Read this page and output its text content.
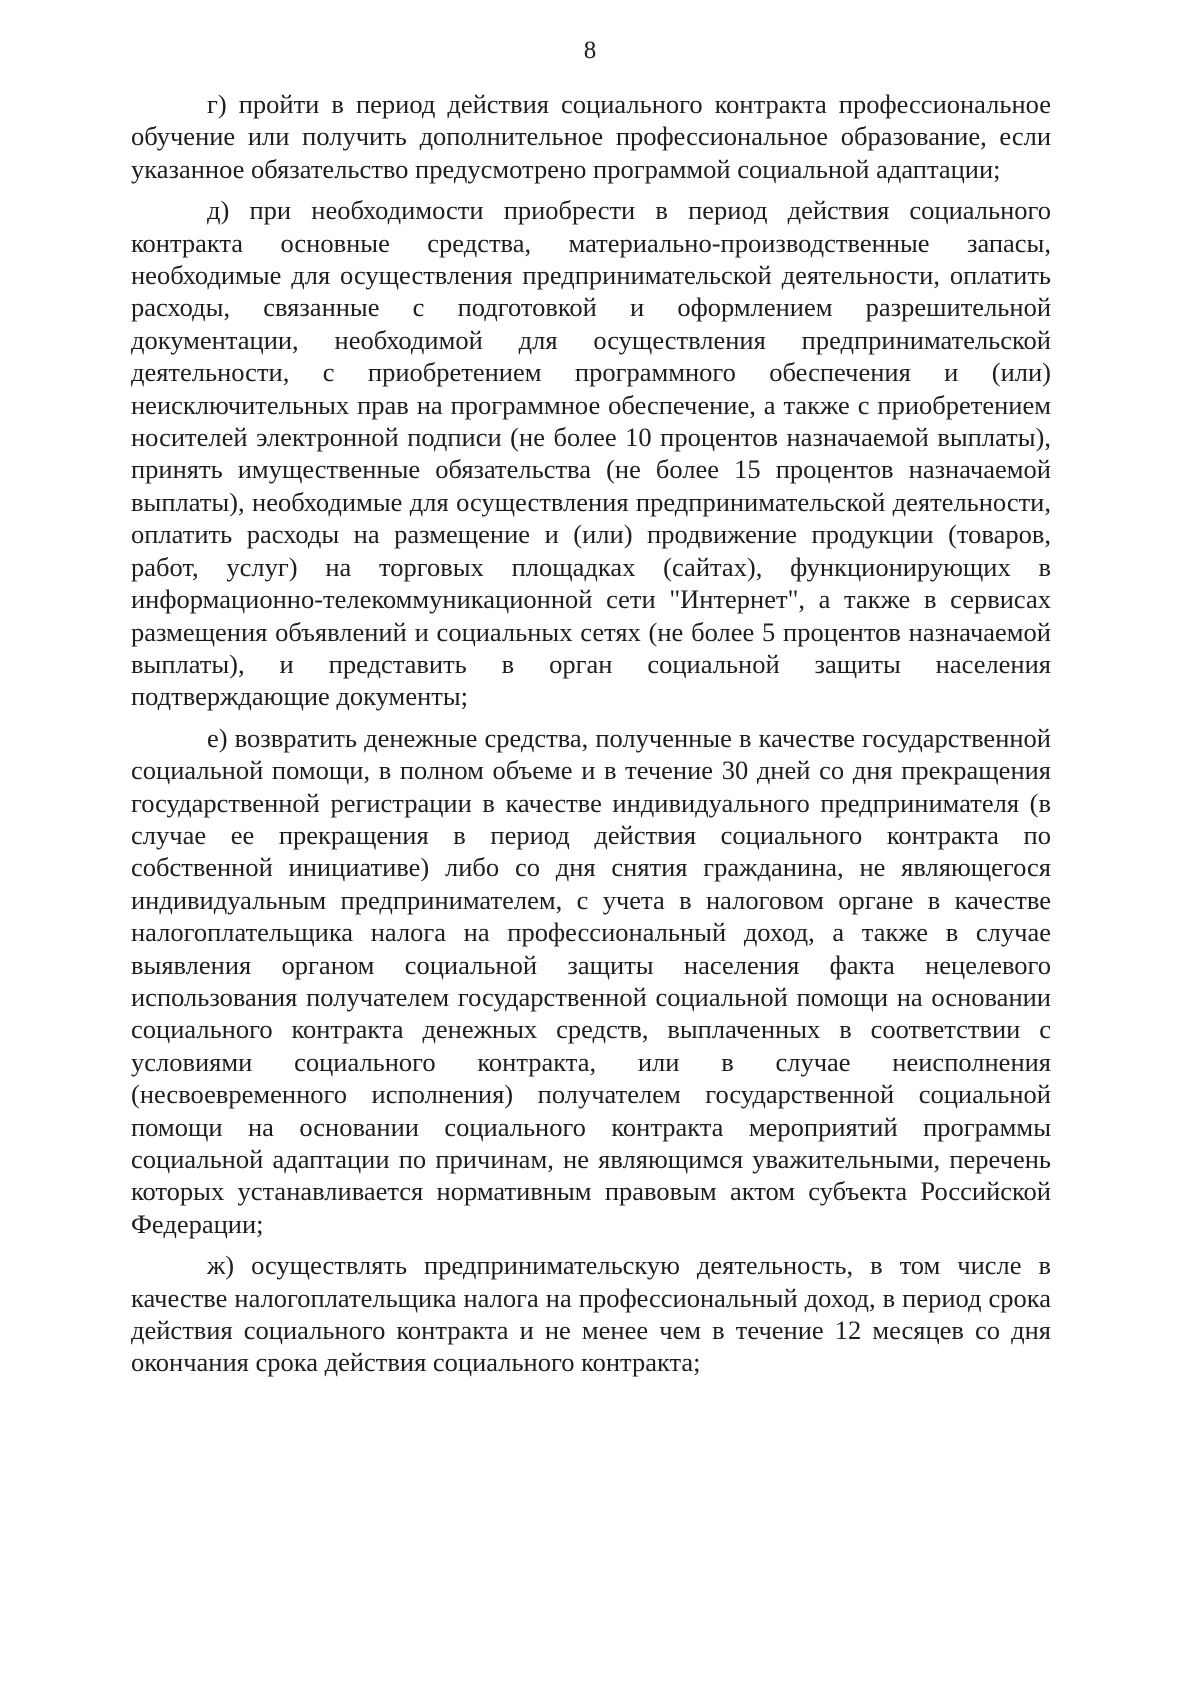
8

г) пройти в период действия социального контракта профессиональное обучение или получить дополнительное профессиональное образование, если указанное обязательство предусмотрено программой социальной адаптации;

д) при необходимости приобрести в период действия социального контракта основные средства, материально-производственные запасы, необходимые для осуществления предпринимательской деятельности, оплатить расходы, связанные с подготовкой и оформлением разрешительной документации, необходимой для осуществления предпринимательской деятельности, с приобретением программного обеспечения и (или) неисключительных прав на программное обеспечение, а также с приобретением носителей электронной подписи (не более 10 процентов назначаемой выплаты), принять имущественные обязательства (не более 15 процентов назначаемой выплаты), необходимые для осуществления предпринимательской деятельности, оплатить расходы на размещение и (или) продвижение продукции (товаров, работ, услуг) на торговых площадках (сайтах), функционирующих в информационно-телекоммуникационной сети "Интернет", а также в сервисах размещения объявлений и социальных сетях (не более 5 процентов назначаемой выплаты), и представить в орган социальной защиты населения подтверждающие документы;

е) возвратить денежные средства, полученные в качестве государственной социальной помощи, в полном объеме и в течение 30 дней со дня прекращения государственной регистрации в качестве индивидуального предпринимателя (в случае ее прекращения в период действия социального контракта по собственной инициативе) либо со дня снятия гражданина, не являющегося индивидуальным предпринимателем, с учета в налоговом органе в качестве налогоплательщика налога на профессиональный доход, а также в случае выявления органом социальной защиты населения факта нецелевого использования получателем государственной социальной помощи на основании социального контракта денежных средств, выплаченных в соответствии с условиями социального контракта, или в случае неисполнения (несвоевременного исполнения) получателем государственной социальной помощи на основании социального контракта мероприятий программы социальной адаптации по причинам, не являющимся уважительными, перечень которых устанавливается нормативным правовым актом субъекта Российской Федерации;

ж) осуществлять предпринимательскую деятельность, в том числе в качестве налогоплательщика налога на профессиональный доход, в период срока действия социального контракта и не менее чем в течение 12 месяцев со дня окончания срока действия социального контракта;
